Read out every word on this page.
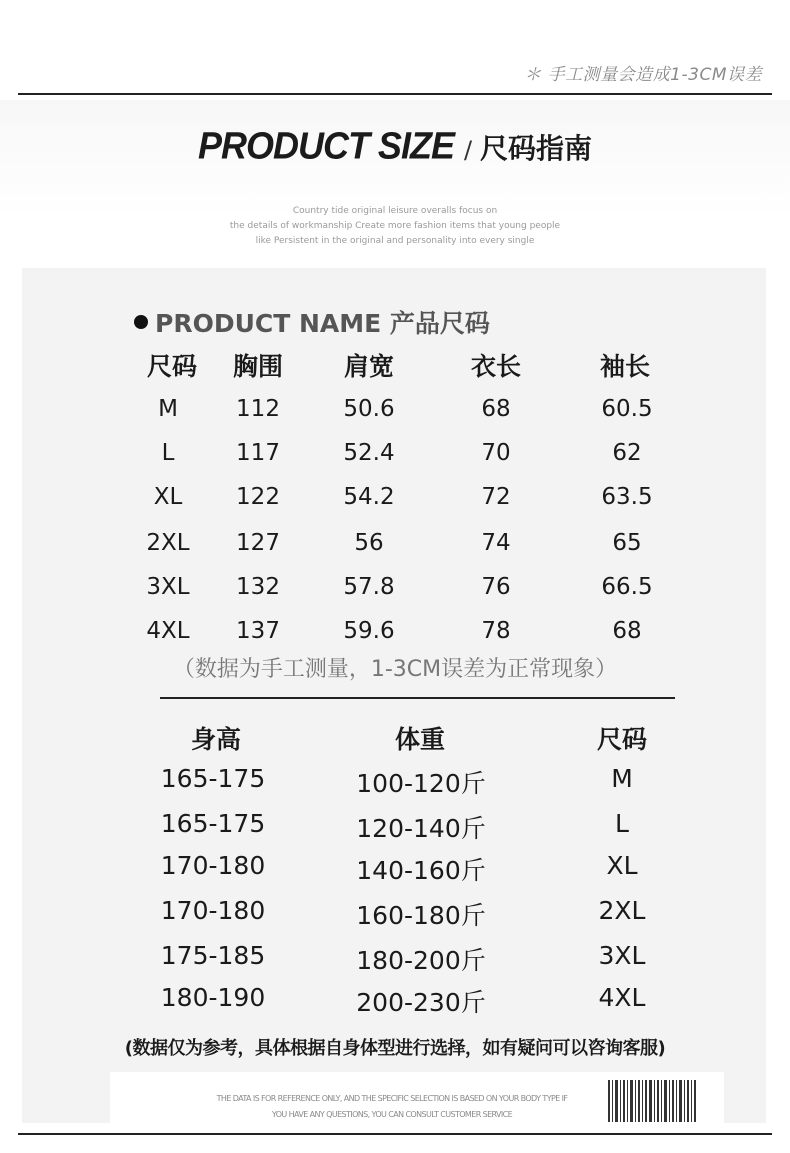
＊ 手工测量会造成1-3CM误差
PRODUCT SIZE / 尺码指南
Country tide original leisure overalls focus on
the details of workmanship Create more fashion items that young people
like Persistent in the original and personality into every single
PRODUCT NAME 产品尺码
尺码 胸围 肩宽	衣长	袖长
M	112	50.6	68	60.5
L	117	52.4	70	62
XL 122	54.2	72	63.5
2XL 127	56	74	65
3XL 132	57.8	76	66.5
4XL 137	59.6	78	68
（数据为手工测量，1-3CM误差为正常现象）
身高	体重	尺码
165-175	100-120斤	M
165-175	120-140斤	L
170-180	140-160斤	XL
170-180	160-180斤	2XL
175-185	180-200斤	3XL
180-190	200-230斤	4XL
(数据仅为参考，具体根据自身体型进行选择，如有疑问可以咨询客服)
THE DATA IS FOR REFERENCE ONLY, AND THE SPECIFIC SELECTION IS BASED ON YOUR BODY TYPE IF
YOU HAVE ANY QUESTIONS, YOU CAN CONSULT CUSTOMER SERVICE
